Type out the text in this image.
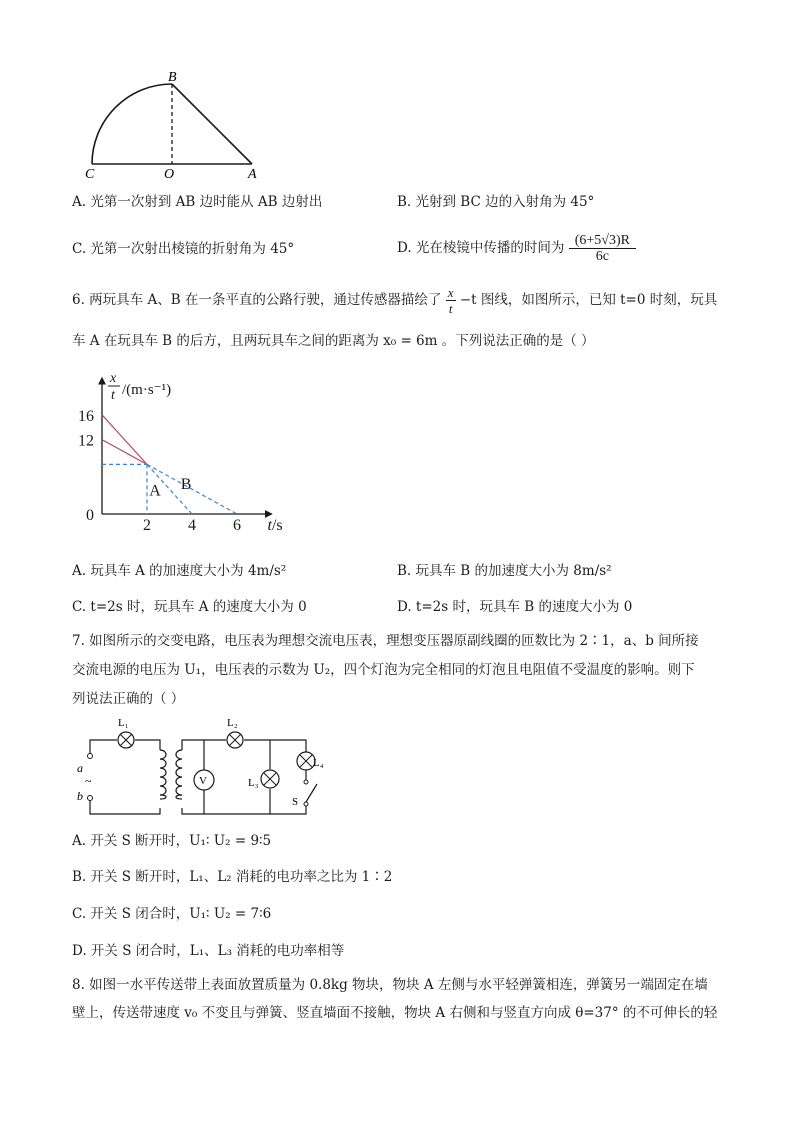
B
C	O	A
A. 光第一次射到 AB 边时能从 AB 边射出	B. 光射到 BC 边的入射角为 45°
C. 光第一次射出棱镜的折射角为 45°	D. 光在棱镜中传播的时间为 $\frac{(6+5√3)R}{6c}$
6. 两玩具车 A、B 在一条平直的公路行驶，通过传感器描绘了 $\frac{x}{t} -t$ 图线，如图所示，已知 t=0 时刻，玩具
车 A 在玩具车 B 的后方，且两玩具车之间的距离为 x₀ = 6m 。下列说法正确的是（ ）
x
t /(m·s⁻¹)
t/s
0
16
12
2 4 6
A B
A. 玩具车 A 的加速度大小为 4m/s²	B. 玩具车 B 的加速度大小为 8m/s²
C. t=2s 时，玩具车 A 的速度大小为 0	D. t=2s 时，玩具车 B 的速度大小为 0
7. 如图所示的交变电路，电压表为理想交流电压表，理想变压器原副线圈的匝数比为 2∶1，a、b 间所接
交流电源的电压为 U₁，电压表的示数为 U₂，四个灯泡为完全相同的灯泡且电阻值不受温度的影响。则下
列说法正确的（ ）
a
~
b
L₁
V
L₂
L₃
L₄
S
A. 开关 S 断开时，U₁∶ U₂ = 9∶5
B. 开关 S 断开时，L₁、L₂ 消耗的电功率之比为 1∶2
C. 开关 S 闭合时，U₁∶ U₂ = 7∶6
D. 开关 S 闭合时，L₁、L₃ 消耗的电功率相等
8. 如图一水平传送带上表面放置质量为 0.8kg 物块，物块 A 左侧与水平轻弹簧相连，弹簧另一端固定在墙
壁上，传送带速度 v₀ 不变且与弹簧、竖直墙面不接触，物块 A 右侧和与竖直方向成 θ=37° 的不可伸长的轻
